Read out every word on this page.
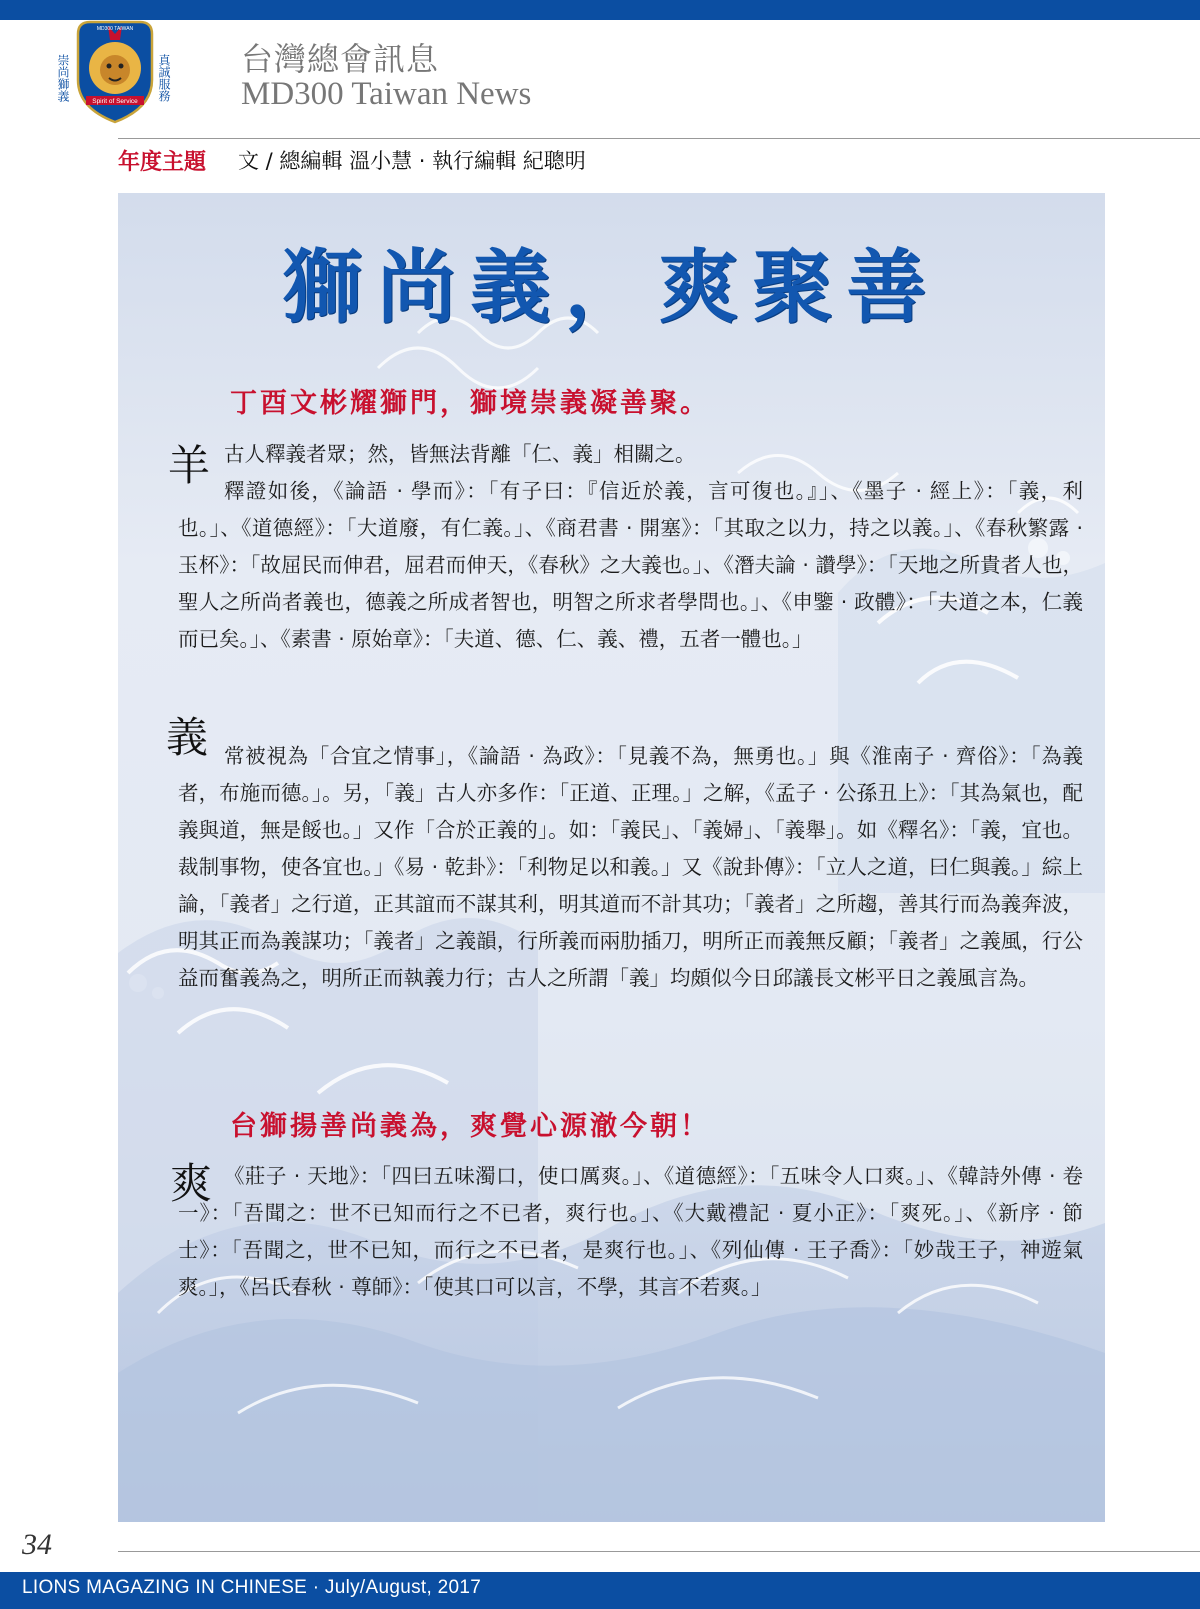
Spirit of Service
MD300 TAIWAN
崇尚獅義	真誠服務 台灣總會訊息
MD300 Taiwan News
年度主題 文 / 總編輯 溫小慧 · 執行編輯 紀聰明
獅尚義，爽聚善
丁酉文彬耀獅門，獅境崇義凝善聚。
羊 古人釋義者眾；然，皆無法背離「仁、義」相關之。

釋證如後，《論語 · 學而》：「有子曰：『信近於義，言可復也。』」、《墨子 · 經上》：「義，利也。」、《道德經》：「大道廢，有仁義。」、《商君書 · 開塞》：「其取之以力，持之以義。」、《春秋繁露 · 玉杯》：「故屈民而伸君，屈君而伸天，《春秋》之大義也。」、《潛夫論 · 讚學》：「天地之所貴者人也，聖人之所尚者義也，德義之所成者智也，明智之所求者學問也。」、《申鑒 · 政體》：「夫道之本，仁義而已矣。」、《素書 · 原始章》：「夫道、德、仁、義、禮，五者一體也。」

義 常被視為「合宜之情事」，《論語 · 為政》：「見義不為，無勇也。」與《淮南子 · 齊俗》：「為義者，布施而德。」。另，「義」古人亦多作：「正道、正理。」之解，《孟子 · 公孫丑上》：「其為氣也，配義與道，無是餒也。」又作「合於正義的」。如：「義民」、「義婦」、「義舉」。如《釋名》：「義，宜也。裁制事物，使各宜也。」《易 · 乾卦》：「利物足以和義。」又《說卦傳》：「立人之道，曰仁與義。」綜上論，「義者」之行道，正其誼而不謀其利，明其道而不計其功；「義者」之所趨，善其行而為義奔波，明其正而為義謀功；「義者」之義韻，行所義而兩肋插刀，明所正而義無反顧；「義者」之義風，行公益而奮義為之，明所正而執義力行；古人之所謂「義」均頗似今日邱議長文彬平日之義風言為。

台獅揚善尚義為，爽覺心源澈今朝！
爽 《莊子 · 天地》：「四曰五味濁口，使口厲爽。」、《道德經》：「五味令人口爽。」、《韓詩外傳 · 卷一》：「吾聞之：世不已知而行之不已者，爽行也。」、《大戴禮記 · 夏小正》：「爽死。」、《新序 · 節士》：「吾聞之，世不已知，而行之不已者，是爽行也。」、《列仙傳 · 王子喬》：「妙哉王子，神遊氣爽。」，《呂氏春秋 · 尊師》：「使其口可以言，不學，其言不若爽。」

34
LIONS MAGAZING IN CHINESE · July/August, 2017
